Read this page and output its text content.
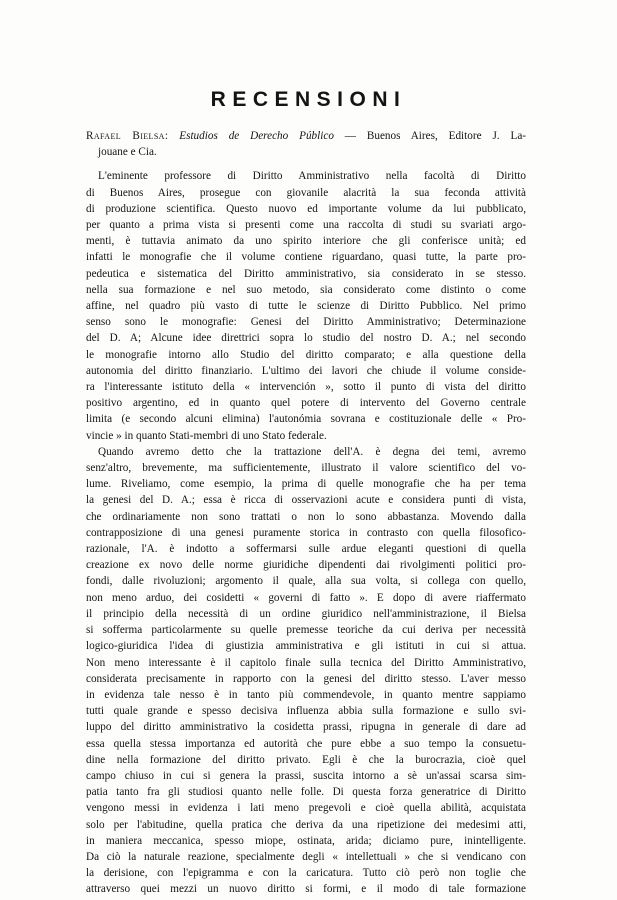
RECENSIONI
Rafael Bielsa: Estudios de Derecho Público — Buenos Aires, Editore J. La-
jouane e Cia.
L'eminente professore di Diritto Amministrativo nella facoltà di Diritto
di Buenos Aires, prosegue con giovanile alacrità la sua feconda attività
di produzione scientifica. Questo nuovo ed importante volume da lui pubblicato,
per quanto a prima vista si presenti come una raccolta di studi su svariati argo-
menti, è tuttavia animato da uno spirito interiore che gli conferisce unità; ed
infatti le monografie che il volume contiene riguardano, quasi tutte, la parte pro-
pedeutica e sistematica del Diritto amministrativo, sia considerato in se stesso.
nella sua formazione e nel suo metodo, sia considerato come distinto o come
affine, nel quadro più vasto di tutte le scienze di Diritto Pubblico. Nel primo
senso sono le monografie: Genesi del Diritto Amministrativo; Determinazione
del D. A; Alcune idee direttrici sopra lo studio del nostro D. A.; nel secondo
le monografie intorno allo Studio del diritto comparato; e alla questione della
autonomia del diritto finanziario. L'ultimo dei lavori che chiude il volume conside-
ra l'interessante istituto della « intervención », sotto il punto di vista del diritto
positivo argentino, ed in quanto quel potere di intervento del Governo centrale
limita (e secondo alcuni elimina) l'autonómia sovrana e costituzionale delle « Pro-
vincie » in quanto Stati-membri di uno Stato federale.
Quando avremo detto che la trattazione dell'A. è degna dei temi, avremo
senz'altro, brevemente, ma sufficientemente, illustrato il valore scientifico del vo-
lume. Riveliamo, come esempio, la prima di quelle monografie che ha per tema
la genesi del D. A.; essa è ricca di osservazioni acute e considera punti di vista,
che ordinariamente non sono trattati o non lo sono abbastanza. Movendo dalla
contrapposizione di una genesi puramente storica in contrasto con quella filosofico-
razionale, l'A. è indotto a soffermarsi sulle ardue eleganti questioni di quella
creazione ex novo delle norme giuridiche dipendenti dai rivolgimenti politici pro-
fondi, dalle rivoluzioni; argomento il quale, alla sua volta, si collega con quello,
non meno arduo, dei cosidetti « governi di fatto ». E dopo di avere riaffermato
il principio della necessità di un ordine giuridico nell'amministrazione, il Bielsa
si sofferma particolarmente su quelle premesse teoriche da cui deriva per necessità
logico-giuridica l'idea di giustizia amministrativa e gli istituti in cui si attua.
Non meno interessante è il capitolo finale sulla tecnica del Diritto Amministrativo,
considerata precisamente in rapporto con la genesi del diritto stesso. L'aver messo
in evidenza tale nesso è in tanto più commendevole, in quanto mentre sappiamo
tutti quale grande e spesso decisiva influenza abbia sulla formazione e sullo svi-
luppo del diritto amministrativo la cosidetta prassi, ripugna in generale di dare ad
essa quella stessa importanza ed autorità che pure ebbe a suo tempo la consuetu-
dine nella formazione del diritto privato. Egli è che la burocrazia, cioè quel
campo chiuso in cui si genera la prassi, suscita intorno a sè un'assai scarsa sim-
patia tanto fra gli studiosi quanto nelle folle. Di questa forza generatrice di Diritto
vengono messi in evidenza i lati meno pregevoli e cioè quella abilità, acquistata
solo per l'abitudine, quella pratica che deriva da una ripetizione dei medesimi atti,
in maniera meccanica, spesso miope, ostinata, arida; diciamo pure, inintelligente.
Da ciò la naturale reazione, specialmente degli « intellettuali » che si vendicano con
la derisione, con l'epigramma e con la caricatura. Tutto ciò però non toglie che
attraverso quei mezzi un nuovo diritto si formi, e il modo di tale formazione
